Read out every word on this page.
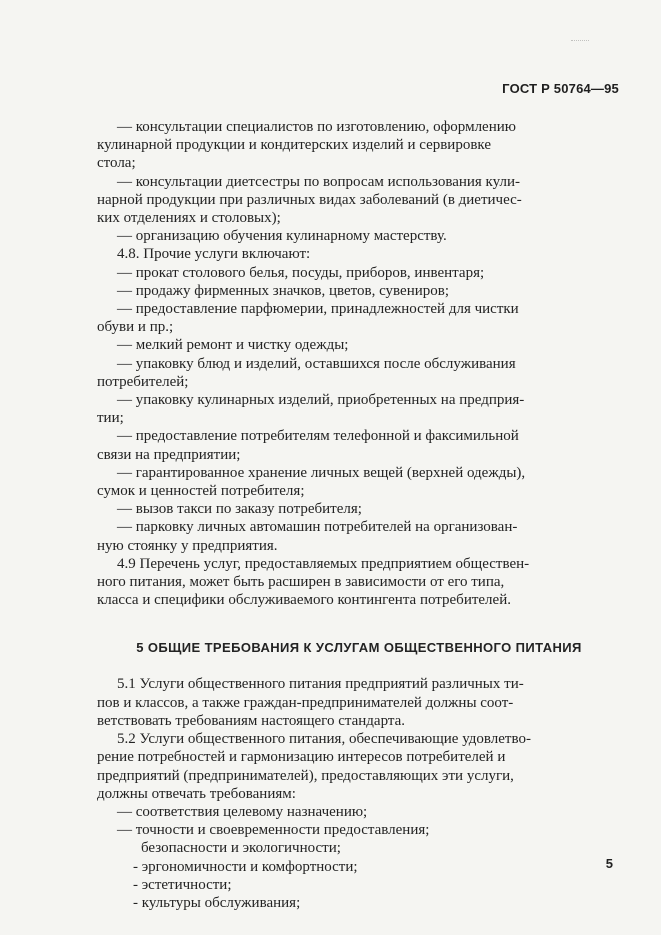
ГОСТ Р 50764—95
— консультации специалистов по изготовлению, оформлению
кулинарной продукции и кондитерских изделий и сервировке
стола;
— консультации диетсестры по вопросам использования кули-
нарной продукции при различных видах заболеваний (в диетичес-
ких отделениях и столовых);
— организацию обучения кулинарному мастерству.
4.8. Прочие услуги включают:
— прокат столового белья, посуды, приборов, инвентаря;
— продажу фирменных значков, цветов, сувениров;
— предоставление парфюмерии, принадлежностей для чистки
обуви и пр.;
— мелкий ремонт и чистку одежды;
— упаковку блюд и изделий, оставшихся после обслуживания
потребителей;
— упаковку кулинарных изделий, приобретенных на предприя-
тии;
— предоставление потребителям телефонной и факсимильной
связи на предприятии;
— гарантированное хранение личных вещей (верхней одежды),
сумок и ценностей потребителя;
— вызов такси по заказу потребителя;
— парковку личных автомашин потребителей на организован-
ную стоянку у предприятия.
4.9 Перечень услуг, предоставляемых предприятием обществен-
ного питания, может быть расширен в зависимости от его типа,
класса и специфики обслуживаемого контингента потребителей.
5 ОБЩИЕ ТРЕБОВАНИЯ К УСЛУГАМ ОБЩЕСТВЕННОГО ПИТАНИЯ
5.1 Услуги общественного питания предприятий различных ти-
пов и классов, а также граждан-предпринимателей должны соот-
ветствовать требованиям настоящего стандарта.
5.2 Услуги общественного питания, обеспечивающие удовлетво-
рение потребностей и гармонизацию интересов потребителей и
предприятий (предпринимателей), предоставляющих эти услуги,
должны отвечать требованиям:
— соответствия целевому назначению;
— точности и своевременности предоставления;
безопасности и экологичности;
- эргономичности и комфортности;
- эстетичности;
- культуры обслуживания;
5
